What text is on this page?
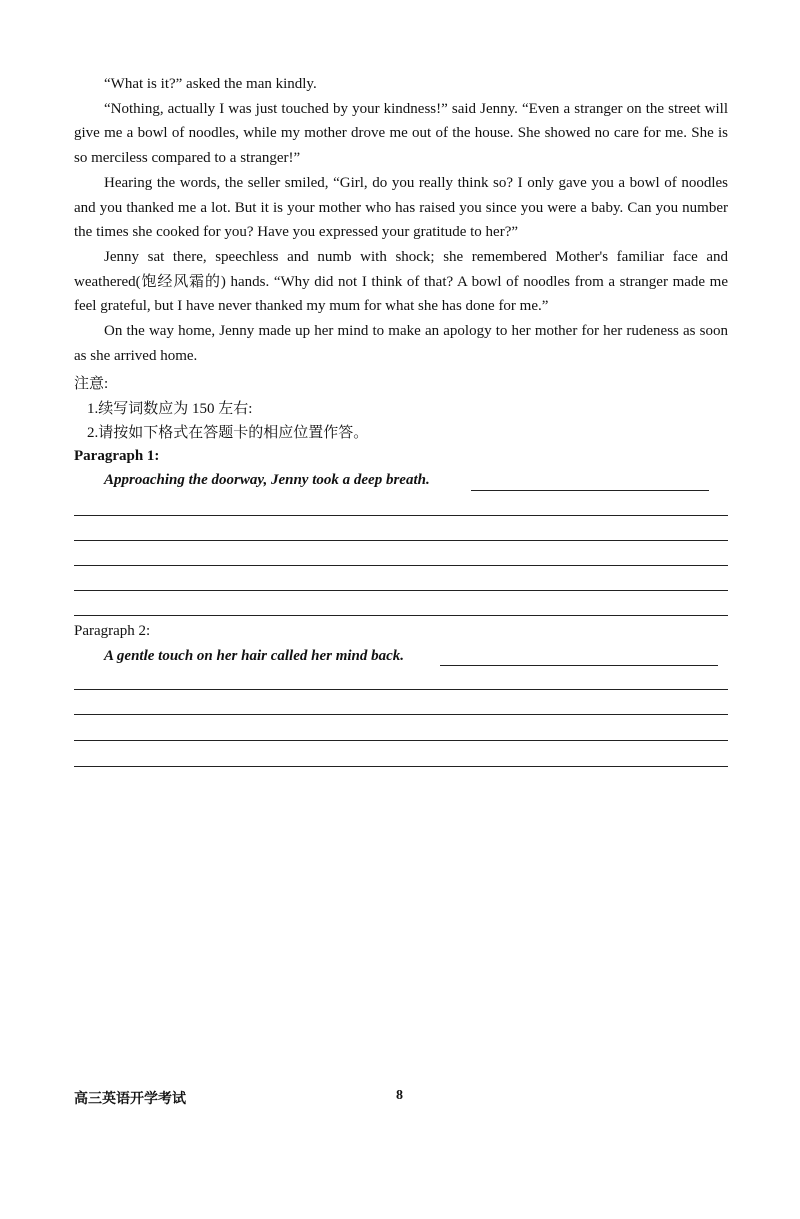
“What is it?” asked the man kindly.

“Nothing, actually I was just touched by your kindness!” said Jenny. “Even a stranger on the street will give me a bowl of noodles, while my mother drove me out of the house. She showed no care for me. She is so merciless compared to a stranger!”

Hearing the words, the seller smiled, “Girl, do you really think so? I only gave you a bowl of noodles and you thanked me a lot. But it is your mother who has raised you since you were a baby. Can you number the times she cooked for you? Have you expressed your gratitude to her?”

Jenny sat there, speechless and numb with shock; she remembered Mother's familiar face and weathered(饱经风霜的) hands. “Why did not I think of that? A bowl of noodles from a stranger made me feel grateful, but I have never thanked my mum for what she has done for me.”

On the way home, Jenny made up her mind to make an apology to her mother for her rudeness as soon as she arrived home.

注意:
1.续写词数应为 150 左右:
2.请按如下格式在答题卡的相应位置作答。
Paragraph 1:
Approaching the doorway, Jenny took a deep breath.
Paragraph 2:
A gentle touch on her hair called her mind back.
高三英语开学考试	8
